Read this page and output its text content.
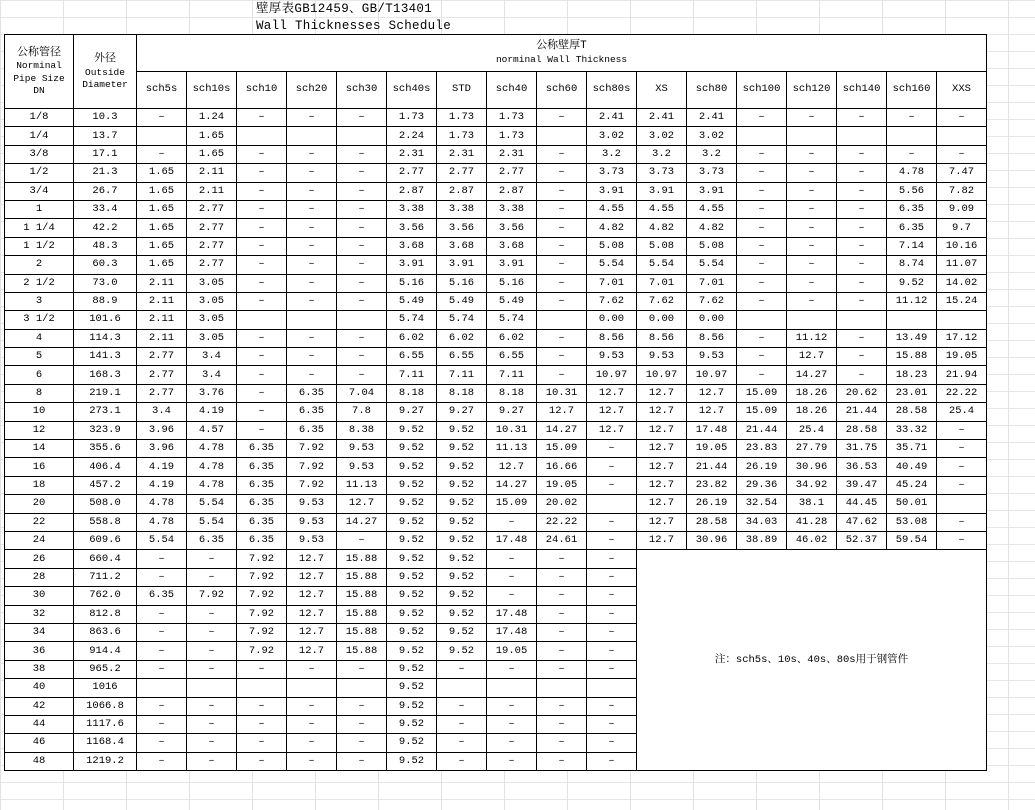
壁厚表GB12459、GB/T13401
Wall Thicknesses Schedule
公称管径
Norminal
Pipe Size
DN	外径
Outside
Diameter	公称壁厚T
norminal Wall Thickness																

		sch5s	sch10s	sch10	sch20	sch30	sch40s	STD	sch40	sch60	sch80s	XS	sch80	sch100	sch120	sch140	sch160	XXS
1/8	10.3	–	1.24	–	–	–	1.73	1.73	1.73	–	2.41	2.41	2.41	–	–	–	–	–
1/4	13.7		1.65				2.24	1.73	1.73		3.02	3.02	3.02					
3/8	17.1	–	1.65	–	–	–	2.31	2.31	2.31	–	3.2	3.2	3.2	–	–	–	–	–
1/2	21.3	1.65	2.11	–	–	–	2.77	2.77	2.77	–	3.73	3.73	3.73	–	–	–	4.78	7.47
3/4	26.7	1.65	2.11	–	–	–	2.87	2.87	2.87	–	3.91	3.91	3.91	–	–	–	5.56	7.82
1	33.4	1.65	2.77	–	–	–	3.38	3.38	3.38	–	4.55	4.55	4.55	–	–	–	6.35	9.09
1 1/4	42.2	1.65	2.77	–	–	–	3.56	3.56	3.56	–	4.82	4.82	4.82	–	–	–	6.35	9.7
1 1/2	48.3	1.65	2.77	–	–	–	3.68	3.68	3.68	–	5.08	5.08	5.08	–	–	–	7.14	10.16
2	60.3	1.65	2.77	–	–	–	3.91	3.91	3.91	–	5.54	5.54	5.54	–	–	–	8.74	11.07
2 1/2	73.0	2.11	3.05	–	–	–	5.16	5.16	5.16	–	7.01	7.01	7.01	–	–	–	9.52	14.02
3	88.9	2.11	3.05	–	–	–	5.49	5.49	5.49	–	7.62	7.62	7.62	–	–	–	11.12	15.24
3 1/2	101.6	2.11	3.05				5.74	5.74	5.74		0.00	0.00	0.00					
4	114.3	2.11	3.05	–	–	–	6.02	6.02	6.02	–	8.56	8.56	8.56	–	11.12	–	13.49	17.12
5	141.3	2.77	3.4	–	–	–	6.55	6.55	6.55	–	9.53	9.53	9.53	–	12.7	–	15.88	19.05
6	168.3	2.77	3.4	–	–	–	7.11	7.11	7.11	–	10.97	10.97	10.97	–	14.27	–	18.23	21.94
8	219.1	2.77	3.76	–	6.35	7.04	8.18	8.18	8.18	10.31	12.7	12.7	12.7	15.09	18.26	20.62	23.01	22.22
10	273.1	3.4	4.19	–	6.35	7.8	9.27	9.27	9.27	12.7	12.7	12.7	12.7	15.09	18.26	21.44	28.58	25.4
12	323.9	3.96	4.57	–	6.35	8.38	9.52	9.52	10.31	14.27	12.7	12.7	17.48	21.44	25.4	28.58	33.32	–
14	355.6	3.96	4.78	6.35	7.92	9.53	9.52	9.52	11.13	15.09	–	12.7	19.05	23.83	27.79	31.75	35.71	–
16	406.4	4.19	4.78	6.35	7.92	9.53	9.52	9.52	12.7	16.66	–	12.7	21.44	26.19	30.96	36.53	40.49	–
18	457.2	4.19	4.78	6.35	7.92	11.13	9.52	9.52	14.27	19.05	–	12.7	23.82	29.36	34.92	39.47	45.24	–
20	508.0	4.78	5.54	6.35	9.53	12.7	9.52	9.52	15.09	20.02		12.7	26.19	32.54	38.1	44.45	50.01	
22	558.8	4.78	5.54	6.35	9.53	14.27	9.52	9.52	–	22.22	–	12.7	28.58	34.03	41.28	47.62	53.08	–
24	609.6	5.54	6.35	6.35	9.53	–	9.52	9.52	17.48	24.61	–	12.7	30.96	38.89	46.02	52.37	59.54	–
26	660.4	–	–	7.92	12.7	15.88	9.52	9.52	–	–	–	注：sch5s、10s、40s、80s用于钢管件						
28	711.2	–	–	7.92	12.7	15.88	9.52	9.52	–	–	–							
30	762.0	6.35	7.92	7.92	12.7	15.88	9.52	9.52	–	–	–							
32	812.8	–	–	7.92	12.7	15.88	9.52	9.52	17.48	–	–							
34	863.6	–	–	7.92	12.7	15.88	9.52	9.52	17.48	–	–							
36	914.4	–	–	7.92	12.7	15.88	9.52	9.52	19.05	–	–							
38	965.2	–	–	–	–	–	9.52	–	–	–	–							
40	1016						9.52											
42	1066.8	–	–	–	–	–	9.52	–	–	–	–							
44	1117.6	–	–	–	–	–	9.52	–	–	–	–							
46	1168.4	–	–	–	–	–	9.52	–	–	–	–							
48	1219.2	–	–	–	–	–	9.52	–	–	–	–							
